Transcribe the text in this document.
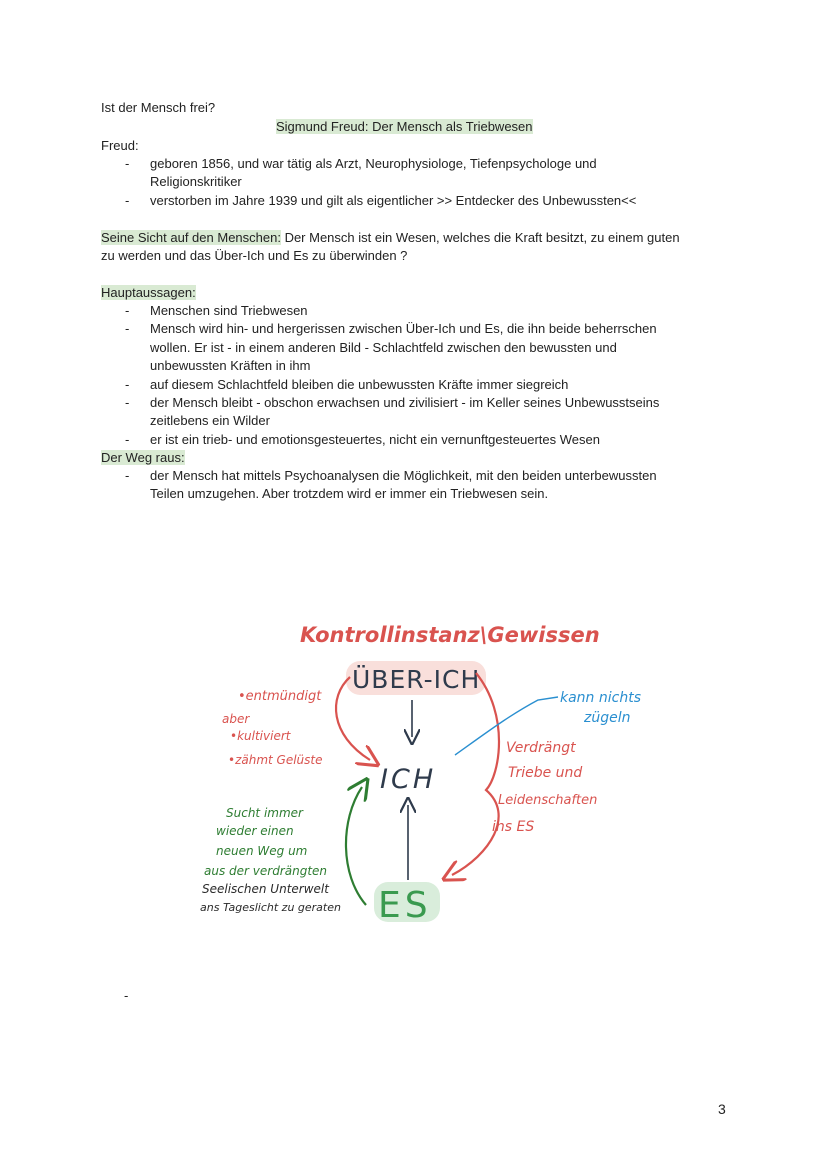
Ist der Mensch frei?
Sigmund Freud: Der Mensch als Triebwesen
Freud:
- geboren 1856, und war tätig als Arzt, Neurophysiologe, Tiefenpsychologe und
Religionskritiker
- verstorben im Jahre 1939 und gilt als eigentlicher >> Entdecker des Unbewussten<<
Seine Sicht auf den Menschen: Der Mensch ist ein Wesen, welches die Kraft besitzt, zu einem guten
zu werden und das Über-Ich und Es zu überwinden ?
Hauptaussagen:
- Menschen sind Triebwesen
- Mensch wird hin- und hergerissen zwischen Über-Ich und Es, die ihn beide beherrschen
wollen. Er ist - in einem anderen Bild - Schlachtfeld zwischen den bewussten und
unbewussten Kräften in ihm
- auf diesem Schlachtfeld bleiben die unbewussten Kräfte immer siegreich
- der Mensch bleibt - obschon erwachsen und zivilisiert - im Keller seines Unbewusstseins
zeitlebens ein Wilder
- er ist ein trieb- und emotionsgesteuertes, nicht ein vernunftgesteuertes Wesen
Der Weg raus:
- der Mensch hat mittels Psychoanalysen die Möglichkeit, mit den beiden unterbewussten
Teilen umzugehen. Aber trotzdem wird er immer ein Triebwesen sein.
Kontrollinstanz\Gewissen
ÜBER-ICH
ICH
ES
•entmündigt
aber
•kultiviert
•zähmt Gelüste
kann nichts
zügeln
Verdrängt
Triebe und
Leidenschaften
ins ES
Sucht immer
wieder einen
neuen Weg um
aus der verdrängten
Seelischen Unterwelt
ans Tageslicht zu geraten
-
3
